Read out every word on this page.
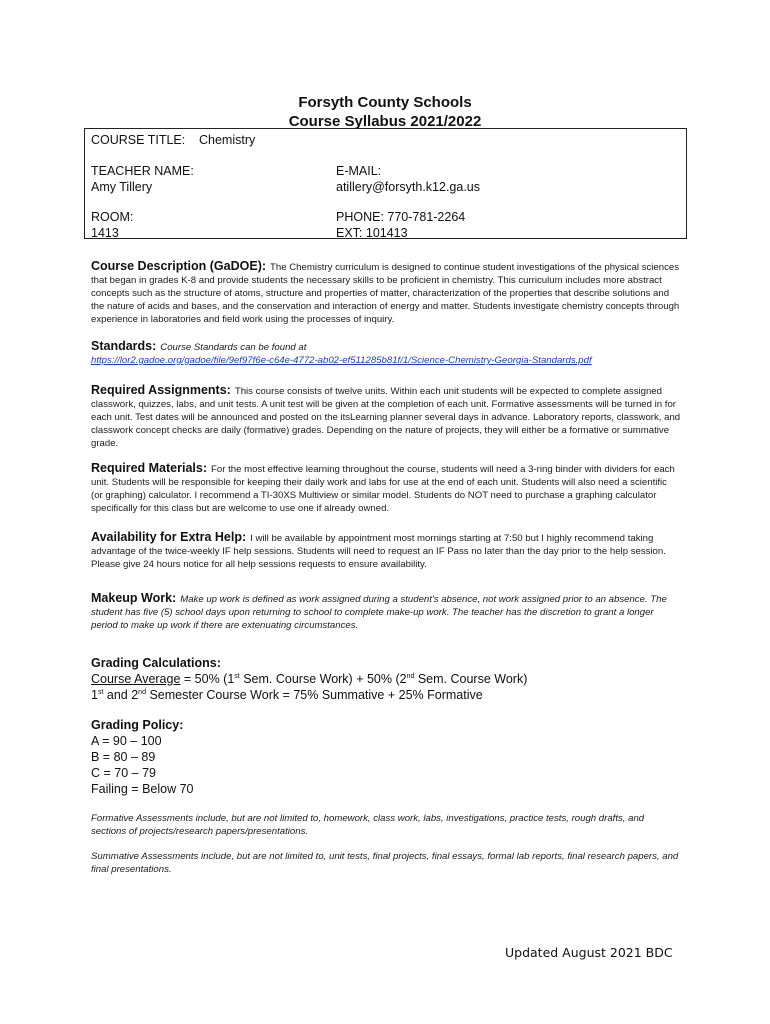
Forsyth County Schools
Course Syllabus 2021/2022
COURSE TITLE: Chemistry
TEACHER NAME:
Amy Tillery
E-MAIL:
atillery@forsyth.k12.ga.us
ROOM:
1413
PHONE: 770-781-2264
EXT: 101413
Course Description (GaDOE): The Chemistry curriculum is designed to continue student investigations of the physical sciences that began in grades K-8 and provide students the necessary skills to be proficient in chemistry. This curriculum includes more abstract concepts such as the structure of atoms, structure and properties of matter, characterization of the properties that describe solutions and the nature of acids and bases, and the conservation and interaction of energy and matter. Students investigate chemistry concepts through experience in laboratories and field work using the processes of inquiry.
Standards: Course Standards can be found at
https://lor2.gadoe.org/gadoe/file/9ef97f6e-c64e-4772-ab02-ef511285b81f/1/Science-Chemistry-Georgia-Standards.pdf
Required Assignments: This course consists of twelve units. Within each unit students will be expected to complete assigned classwork, quizzes, labs, and unit tests. A unit test will be given at the completion of each unit. Formative assessments will be turned in for each unit. Test dates will be announced and posted on the itsLearning planner several days in advance. Laboratory reports, classwork, and classwork concept checks are daily (formative) grades. Depending on the nature of projects, they will either be a formative or summative grade.
Required Materials: For the most effective learning throughout the course, students will need a 3-ring binder with dividers for each unit. Students will be responsible for keeping their daily work and labs for use at the end of each unit. Students will also need a scientific (or graphing) calculator. I recommend a TI-30XS Multiview or similar model. Students do NOT need to purchase a graphing calculator specifically for this class but are welcome to use one if already owned.
Availability for Extra Help: I will be available by appointment most mornings starting at 7:50 but I highly recommend taking advantage of the twice-weekly IF help sessions. Students will need to request an IF Pass no later than the day prior to the help session. Please give 24 hours notice for all help sessions requests to ensure availability.
Makeup Work: Make up work is defined as work assigned during a student's absence, not work assigned prior to an absence. The student has five (5) school days upon returning to school to complete make-up work. The teacher has the discretion to grant a longer period to make up work if there are extenuating circumstances.
Grading Calculations:
Course Average = 50% (1st Sem. Course Work) + 50% (2nd Sem. Course Work)
1st and 2nd Semester Course Work = 75% Summative + 25% Formative
Grading Policy:
A = 90 – 100
B = 80 – 89
C = 70 – 79
Failing = Below 70
Formative Assessments include, but are not limited to, homework, class work, labs, investigations, practice tests, rough drafts, and sections of projects/research papers/presentations.
Summative Assessments include, but are not limited to, unit tests, final projects, final essays, formal lab reports, final research papers, and final presentations.
Updated August 2021 BDC
